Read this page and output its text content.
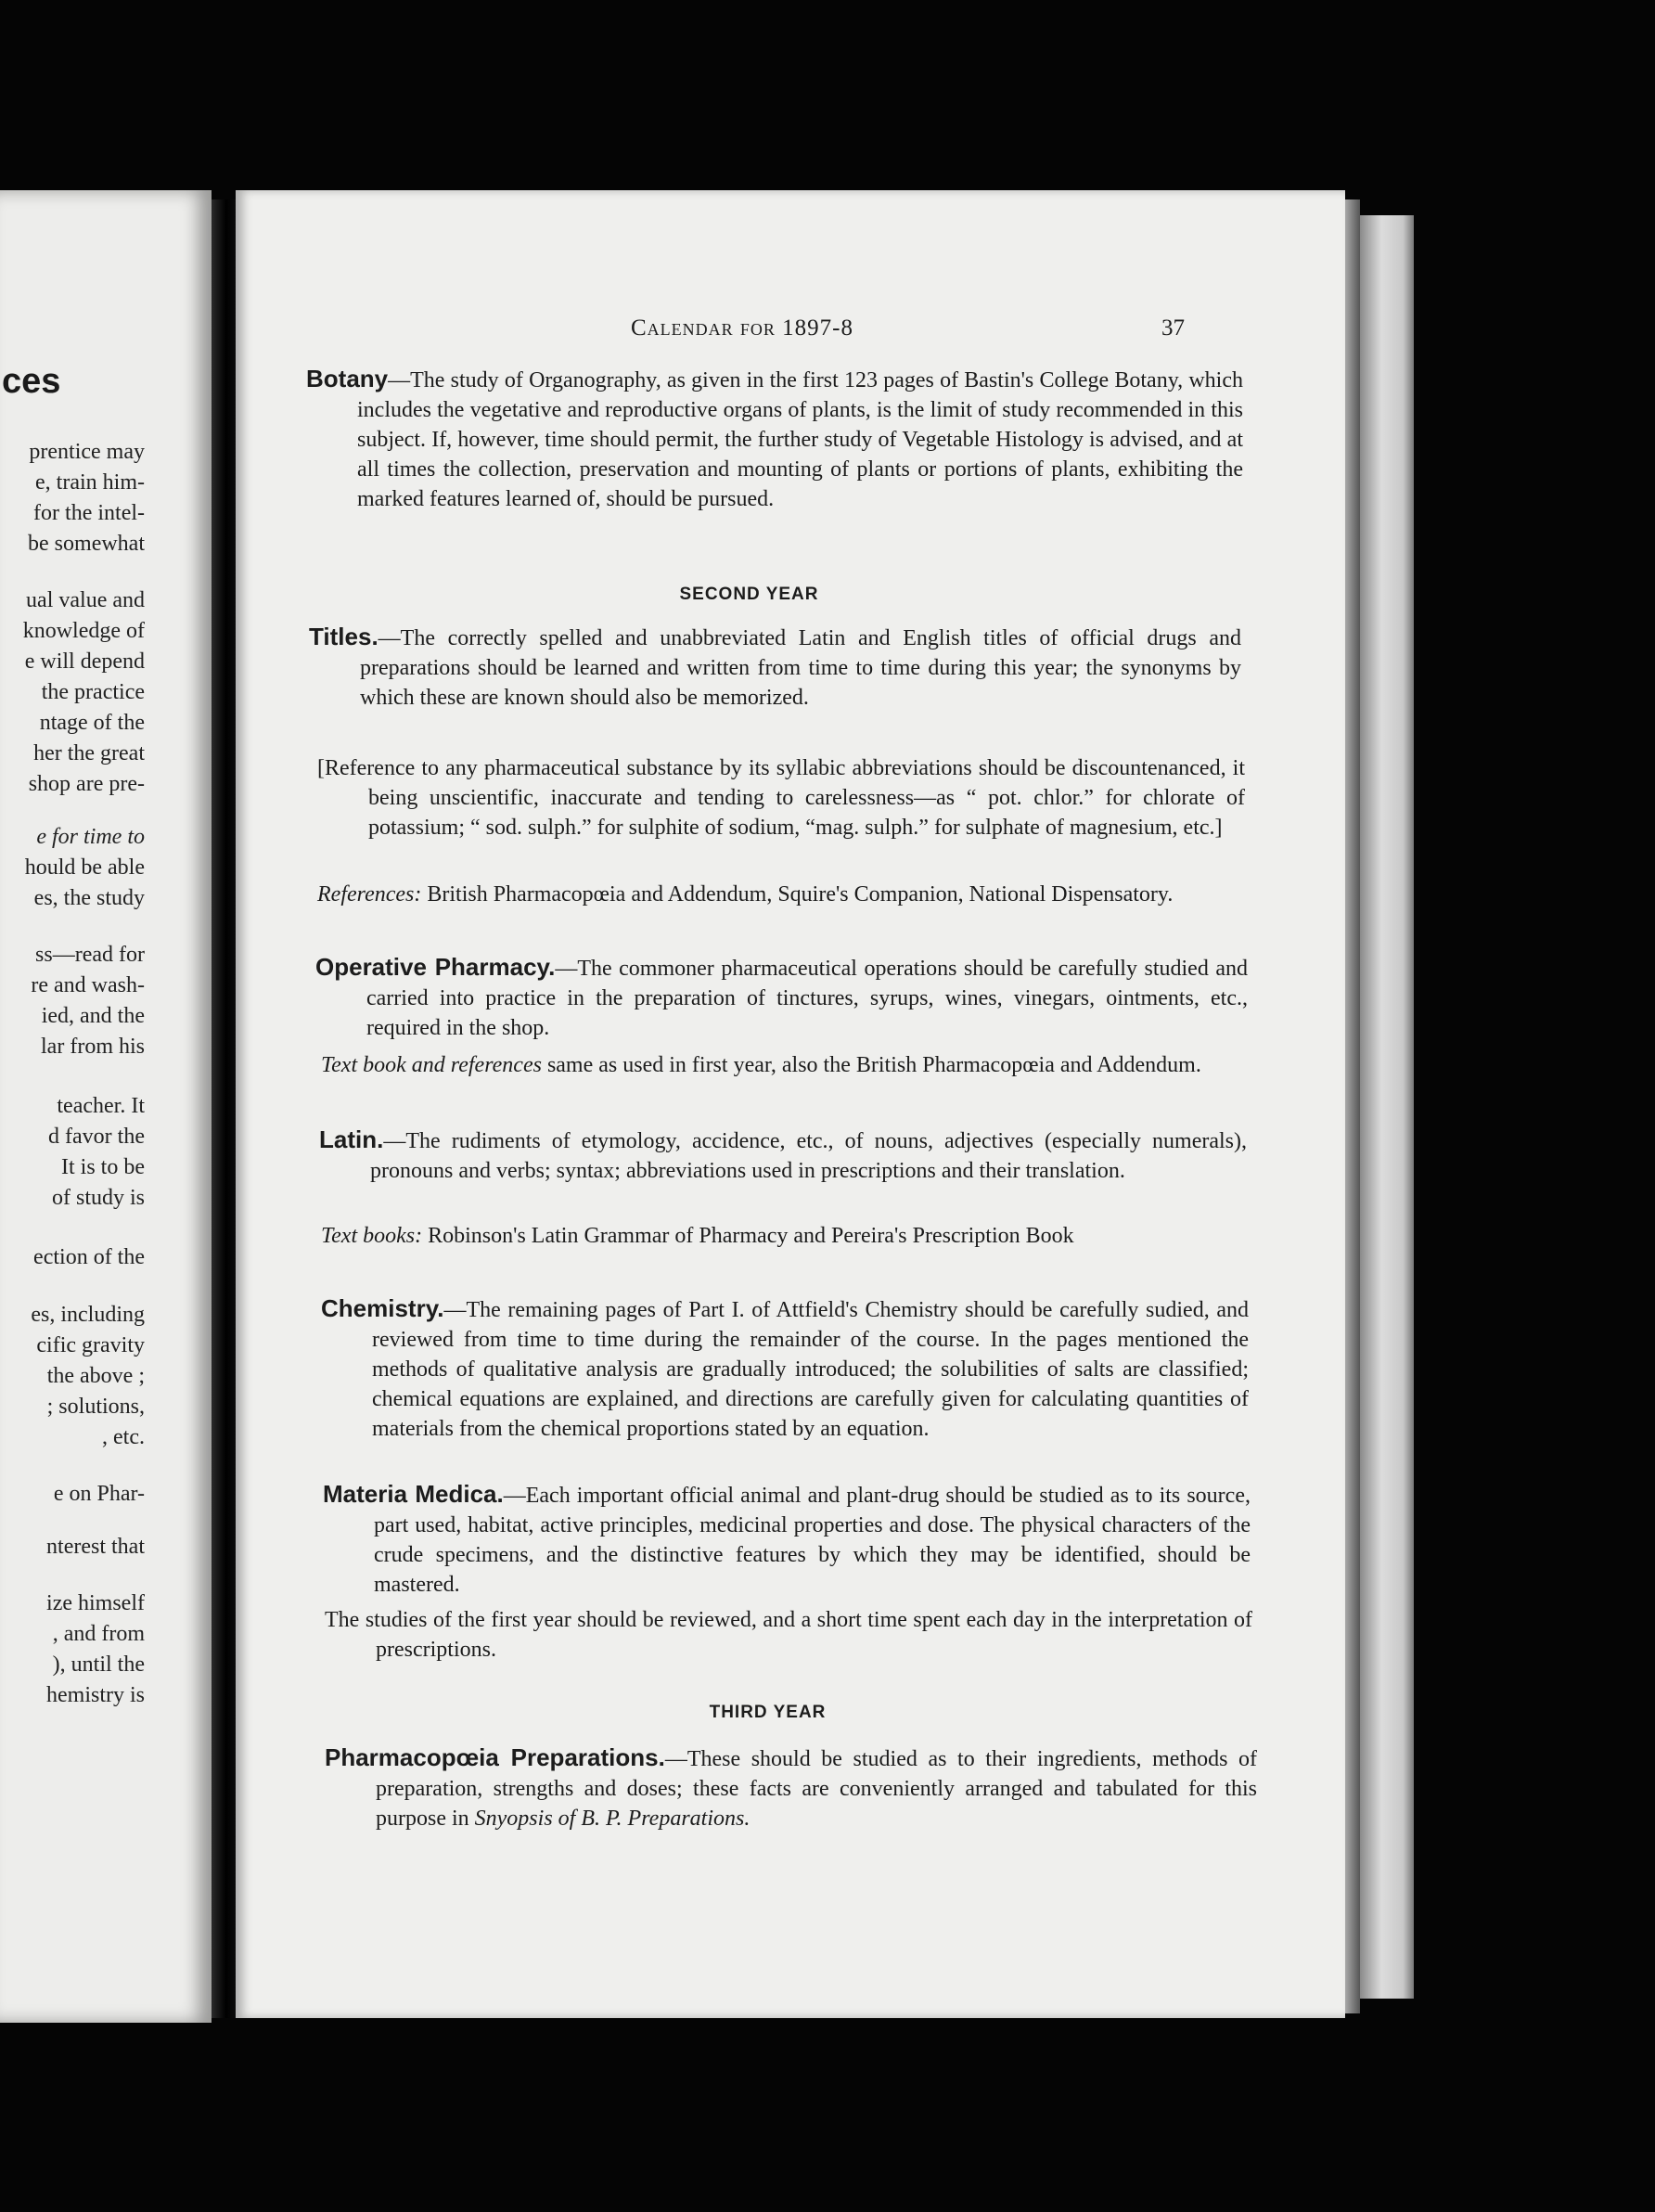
ces
prentice may
e, train him-
for the intel-
be somewhat
ual value and
knowledge of
e will depend
the practice
ntage of the
her the great
shop are pre-
e for time to
hould be able
es, the study
ss—read for
re and wash-
ied, and the
lar from his
teacher. It
d favor the
It is to be
of study is
ection of the
es, including
cific gravity
the above ;
; solutions,
, etc.
e on Phar-
nterest that
ize himself
, and from
), until the
hemistry is
Calendar for 1897-8	37

Botany—The study of Organography, as given in the first 123 pages of Bastin's College Botany, which includes the vegetative and reproductive organs of plants, is the limit of study recommended in this subject. If, however, time should permit, the further study of Vegetable Histology is advised, and at all times the collection, preservation and mounting of plants or portions of plants, exhibiting the marked features learned of, should be pursued.

SECOND YEAR

Titles.—The correctly spelled and unabbreviated Latin and English titles of official drugs and preparations should be learned and written from time to time during this year; the synonyms by which these are known should also be memorized.

[Reference to any pharmaceutical substance by its syllabic abbreviations should be discountenanced, it being unscientific, inaccurate and tending to carelessness—as “ pot. chlor.” for chlorate of potassium; “ sod. sulph.” for sulphite of sodium, “mag. sulph.” for sulphate of magnesium, etc.]

References: British Pharmacopœia and Addendum, Squire's Companion, National Dispensatory.

Operative Pharmacy.—The commoner pharmaceutical operations should be carefully studied and carried into practice in the preparation of tinctures, syrups, wines, vinegars, ointments, etc., required in the shop.

Text book and references same as used in first year, also the British Pharmacopœia and Addendum.

Latin.—The rudiments of etymology, accidence, etc., of nouns, adjectives (especially numerals), pronouns and verbs; syntax; abbreviations used in prescriptions and their translation.

Text books: Robinson's Latin Grammar of Pharmacy and Pereira's Prescription Book

Chemistry.—The remaining pages of Part I. of Attfield's Chemistry should be carefully sudied, and reviewed from time to time during the remainder of the course. In the pages mentioned the methods of qualitative analysis are gradually introduced; the solubilities of salts are classified; chemical equations are explained, and directions are carefully given for calculating quantities of materials from the chemical proportions stated by an equation.

Materia Medica.—Each important official animal and plant-drug should be studied as to its source, part used, habitat, active principles, medicinal properties and dose. The physical characters of the crude specimens, and the distinctive features by which they may be identified, should be mastered.

The studies of the first year should be reviewed, and a short time spent each day in the interpretation of prescriptions.

THIRD YEAR

Pharmacopœia Preparations.—These should be studied as to their ingredients, methods of preparation, strengths and doses; these facts are conveniently arranged and tabulated for this purpose in Snyopsis of B. P. Preparations.
